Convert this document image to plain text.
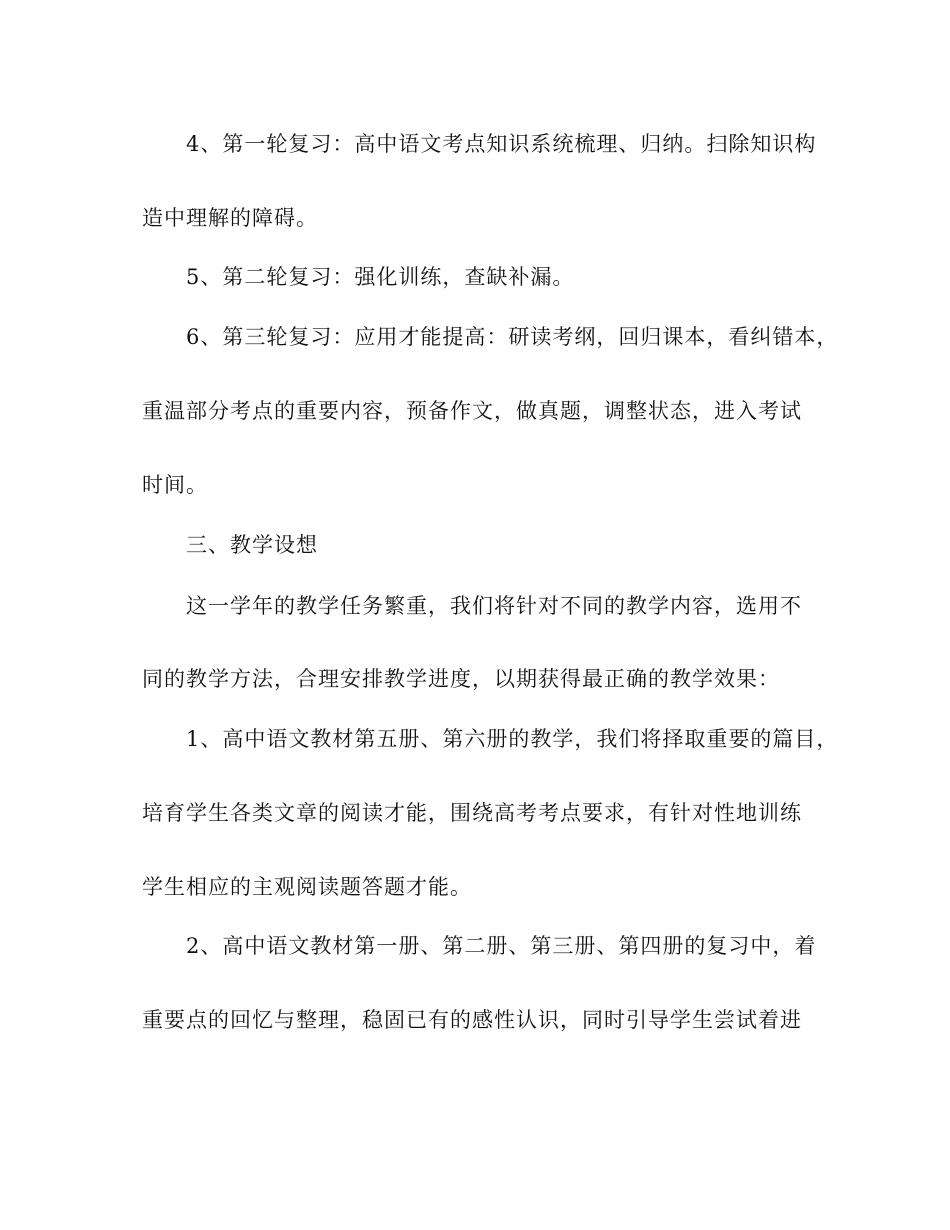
4、第一轮复习：高中语文考点知识系统梳理、归纳。扫除知识构
造中理解的障碍。
5、第二轮复习：强化训练，查缺补漏。
6、第三轮复习：应用才能提高：研读考纲，回归课本，看纠错本，
重温部分考点的重要内容，预备作文，做真题，调整状态，进入考试
时间。
三、教学设想
这一学年的教学任务繁重，我们将针对不同的教学内容，选用不
同的教学方法，合理安排教学进度，以期获得最正确的教学效果：
1、高中语文教材第五册、第六册的教学，我们将择取重要的篇目，
培育学生各类文章的阅读才能，围绕高考考点要求，有针对性地训练
学生相应的主观阅读题答题才能。
2、高中语文教材第一册、第二册、第三册、第四册的复习中，着
重要点的回忆与整理，稳固已有的感性认识，同时引导学生尝试着进
